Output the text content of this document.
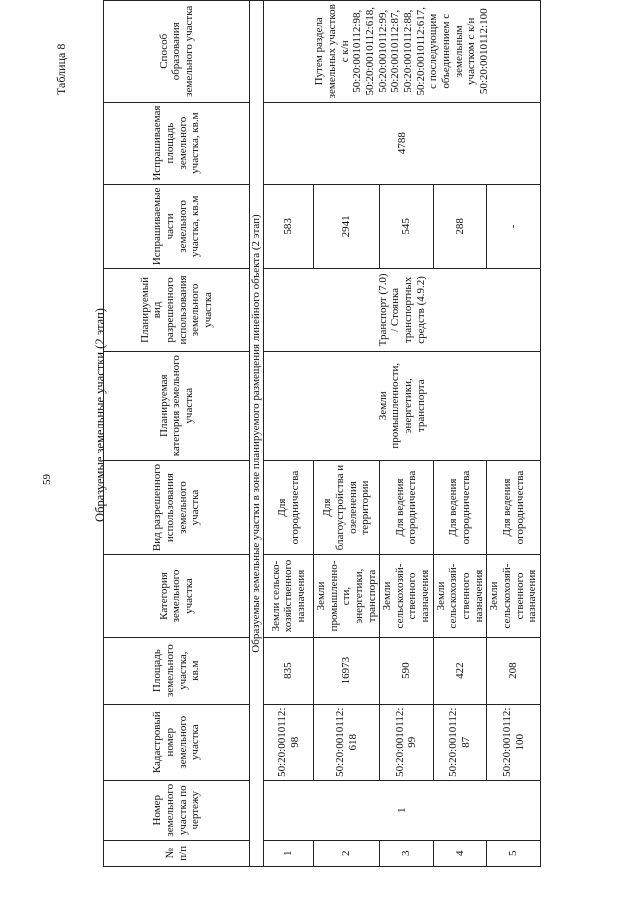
59
Таблица 8
Образуемые земельные участки (2 этап)
№ п/п	Номер земельного участка по чертежу	Кадастровый номер земельного участка	Площадь земельного участка, кв.м	Категория земельного участка	Вид разрешенного использования земельного участка	Планируемая категория земельного участка	Планируемый вид разрешенного использования земельного участка	Испрашиваемые части земельного участка, кв.м	Испрашиваемая площадь земельного участка, кв.м	Способ образования земельного участка
Образуемые земельные участки в зоне планируемого размещения линейного объекта (2 этап)										
1	1	50:20:0010112: 98	835	Земли сельско-хозяйственного назначения	Для огородничества	Земли промышленности, энергетики, транспорта	Транспорт (7.0) / Стоянка транспортных средств (4.9.2)	583	4788	Путем раздела земельных участков с к/н 50:20:0010112:98, 50:20:0010112:618, 50:20:0010112:99, 50:20:0010112:87, 50:20:0010112:88, 50:20:0010112:617, с последующим объединением с земельным участком с к/н 50:20:0010112:100
2		50:20:0010112: 618	16973	Земли промышленно-сти, энергетики, транспорта	Для благоустройства и озеленения территории			2941		
3		50:20:0010112: 99	590	Земли сельскохозяй-ственного назначения	Для ведения огородничества			545		
4		50:20:0010112: 87	422	Земли сельскохозяй-ственного назначения	Для ведения огородничества			288		
5		50:20:0010112: 100	208	Земли сельскохозяй-ственного назначения	Для ведения огородничества			-		
